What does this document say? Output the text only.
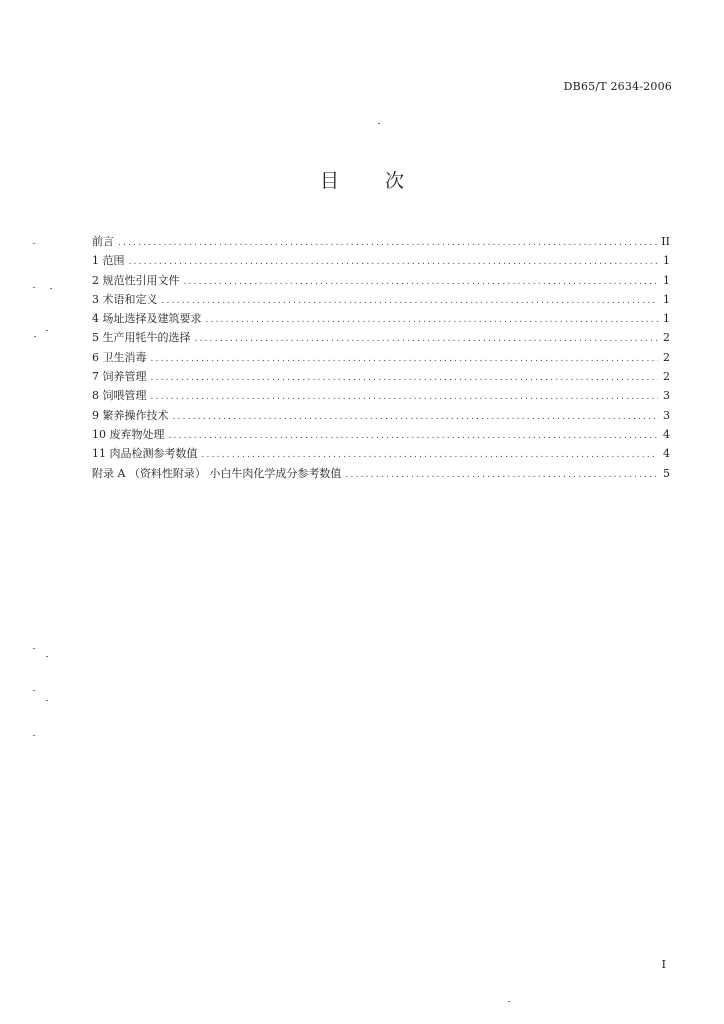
DB65/T 2634-2006
目 次
前言 .....	II
1 范围 .....	1
2 规范性引用文件 .....	1
3 术语和定义 .....	1
4 场址选择及建筑要求 .....	1
5 生产用牦牛的选择 .....	2
6 卫生消毒 .....	2
7 饲养管理 .....	2
8 饲喂管理 .....	3
9 繁养操作技术 .....	3
10 废弃物处理 .....	4
11 肉品检测参考数值 .....	4
附录 A （资料性附录） 小白牛肉化学成分参考数值 .....	5
I
